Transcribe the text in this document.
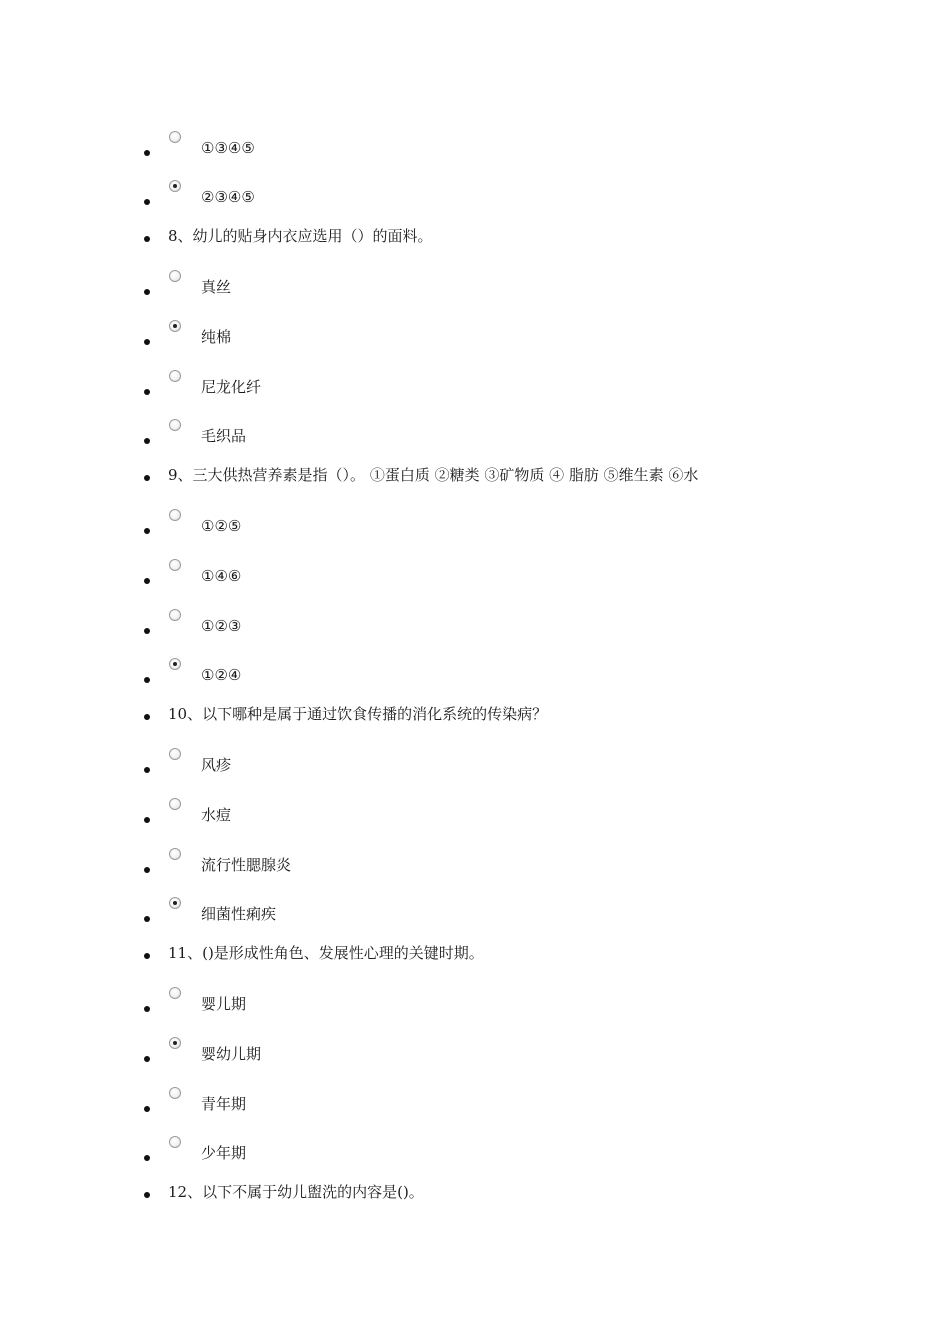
①③④⑤
②③④⑤
8、幼儿的贴身内衣应选用（）的面料。
真丝
纯棉
尼龙化纤
毛织品
9、三大供热营养素是指（）。 ①蛋白质 ②糖类 ③矿物质 ④ 脂肪 ⑤维生素 ⑥水
①②⑤
①④⑥
①②③
①②④
10、以下哪种是属于通过饮食传播的消化系统的传染病？
风疹
水痘
流行性腮腺炎
细菌性痢疾
11、()是形成性角色、发展性心理的关键时期。
婴儿期
婴幼儿期
青年期
少年期
12、以下不属于幼儿盥洗的内容是()。
